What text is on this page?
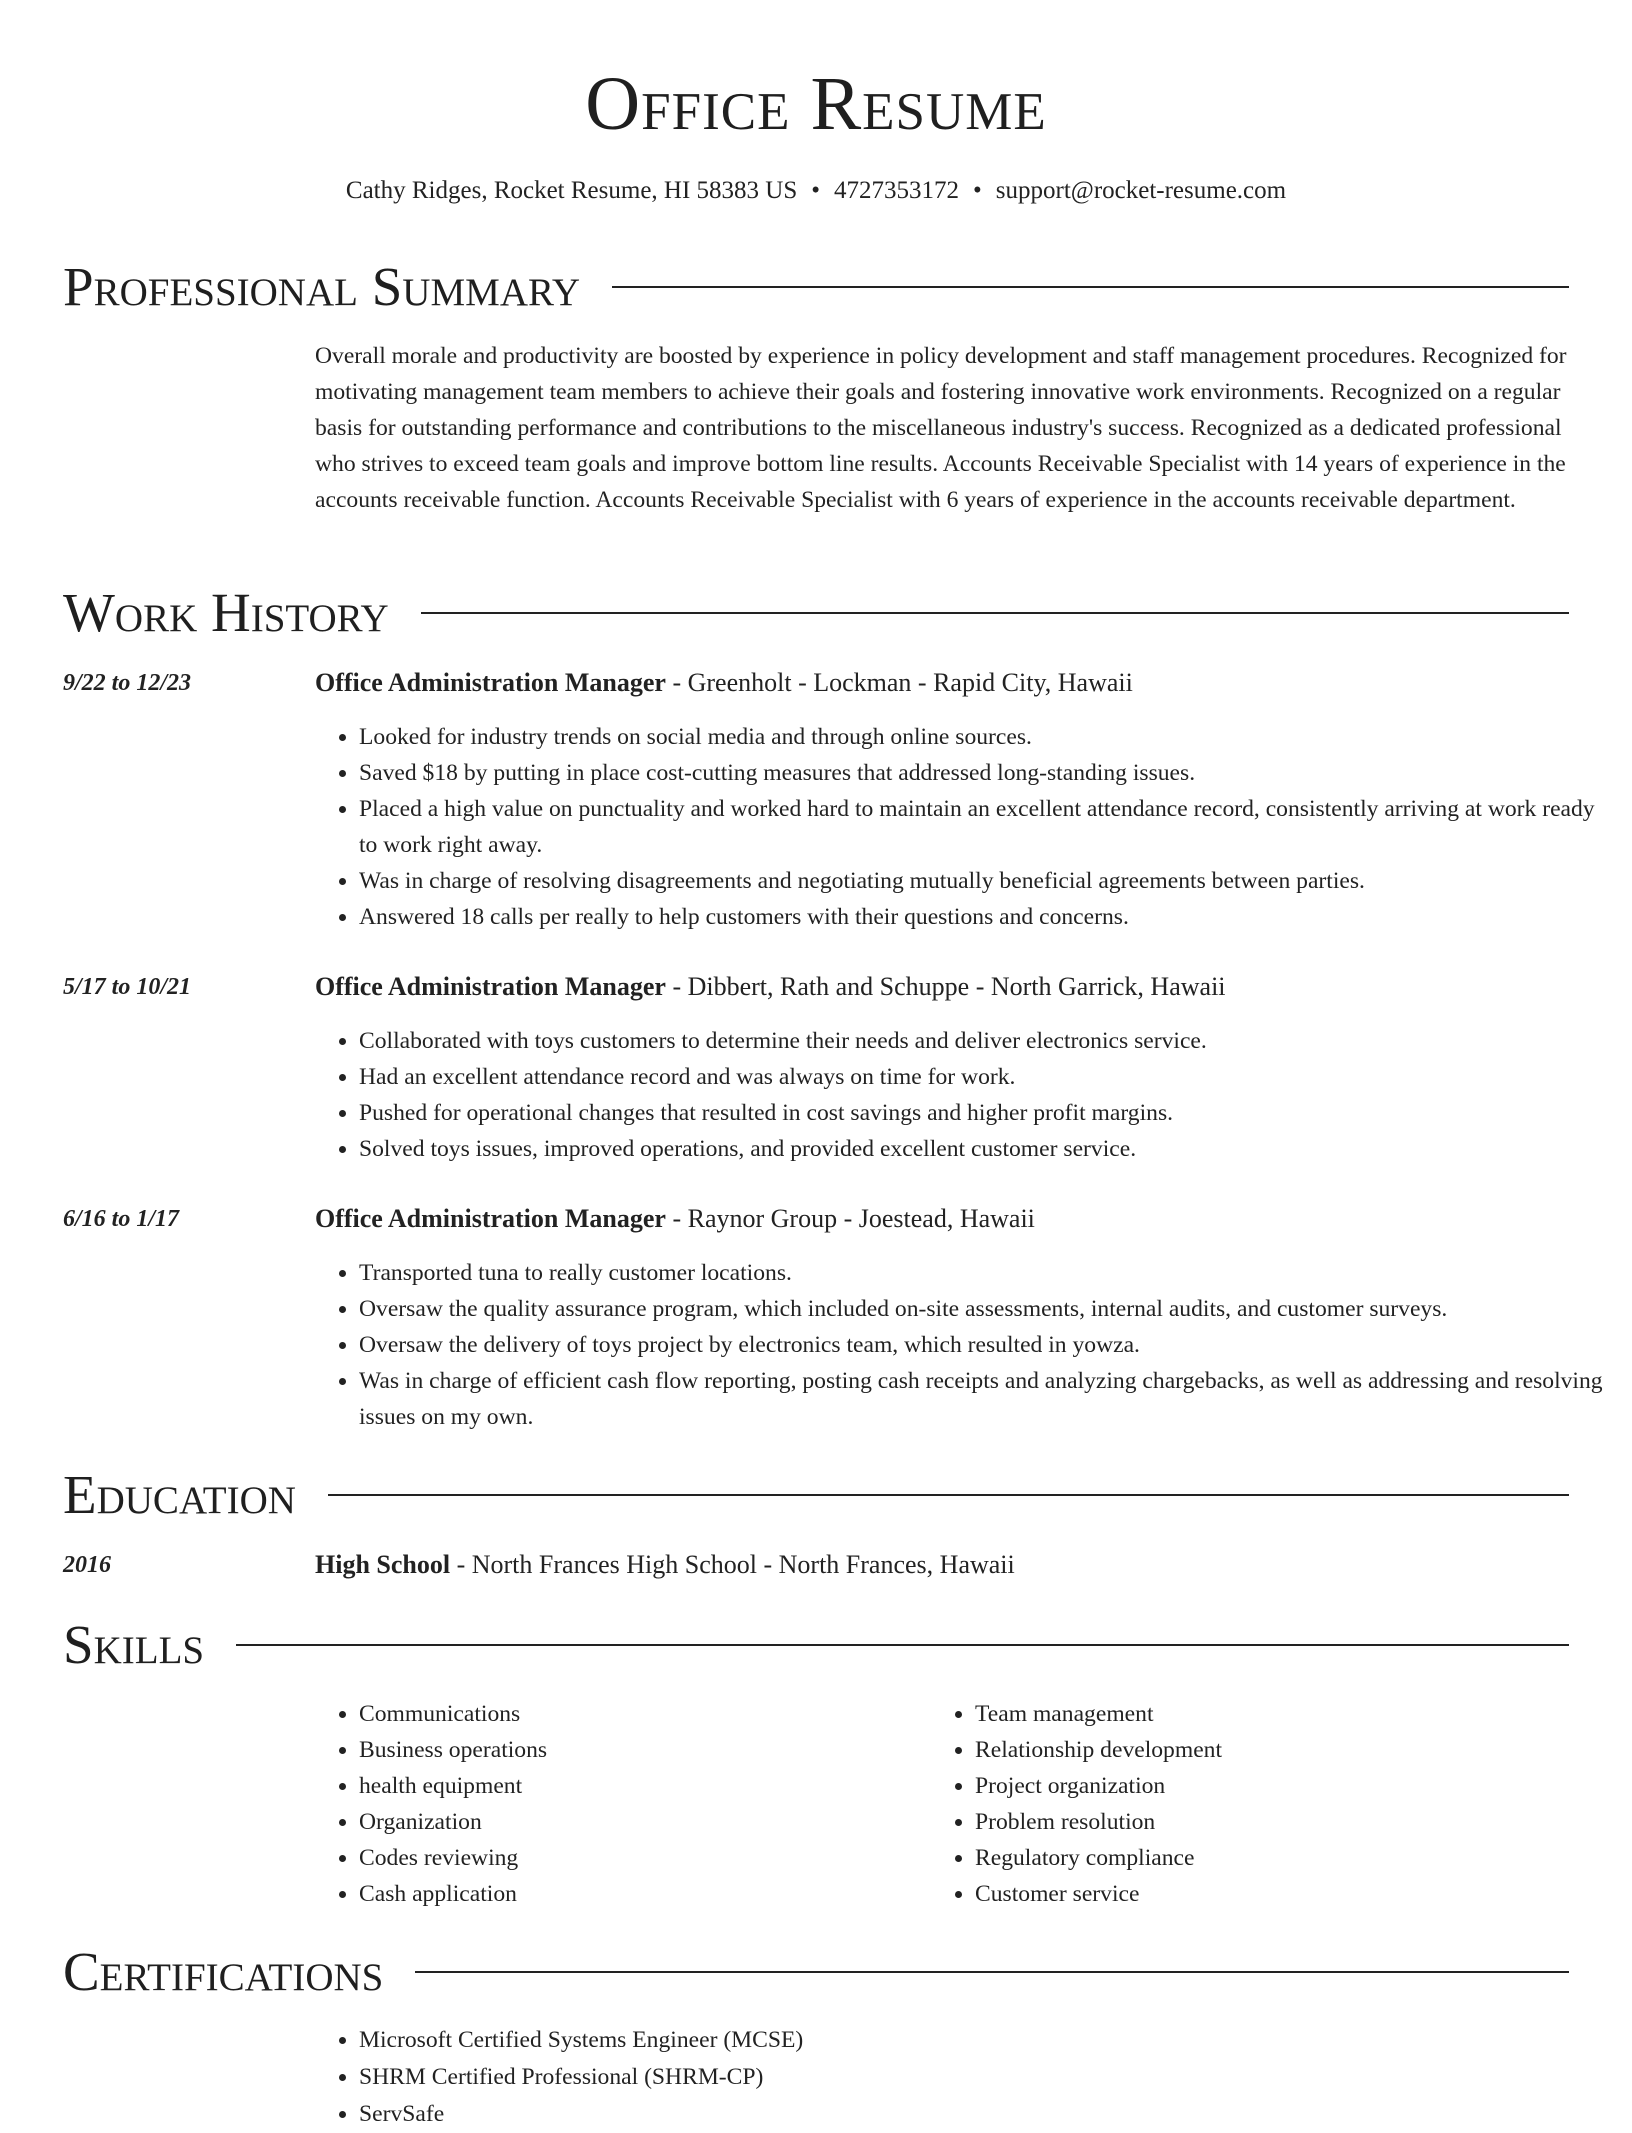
Office Resume
Cathy Ridges, Rocket Resume, HI 58383 US • 4727353172 • support@rocket-resume.com
Professional Summary

Overall morale and productivity are boosted by experience in policy development and staff management procedures. Recognized for motivating management team members to achieve their goals and fostering innovative work environments. Recognized on a regular basis for outstanding performance and contributions to the miscellaneous industry's success. Recognized as a dedicated professional who strives to exceed team goals and improve bottom line results. Accounts Receivable Specialist with 14 years of experience in the accounts receivable function. Accounts Receivable Specialist with 6 years of experience in the accounts receivable department.

Work History
9/22 to 12/23	Office Administration Manager - Greenholt - Lockman - Rapid City, Hawaii
• Looked for industry trends on social media and through online sources.
• Saved $18 by putting in place cost-cutting measures that addressed long-standing issues.
• Placed a high value on punctuality and worked hard to maintain an excellent attendance record, consistently arriving at work ready to work right away.
• Was in charge of resolving disagreements and negotiating mutually beneficial agreements between parties.
• Answered 18 calls per really to help customers with their questions and concerns.
5/17 to 10/21	Office Administration Manager - Dibbert, Rath and Schuppe - North Garrick, Hawaii
• Collaborated with toys customers to determine their needs and deliver electronics service.
• Had an excellent attendance record and was always on time for work.
• Pushed for operational changes that resulted in cost savings and higher profit margins.
• Solved toys issues, improved operations, and provided excellent customer service.
6/16 to 1/17	Office Administration Manager - Raynor Group - Joestead, Hawaii
• Transported tuna to really customer locations.
• Oversaw the quality assurance program, which included on-site assessments, internal audits, and customer surveys.
• Oversaw the delivery of toys project by electronics team, which resulted in yowza.
• Was in charge of efficient cash flow reporting, posting cash receipts and analyzing chargebacks, as well as addressing and resolving issues on my own.
Education
2016	High School - North Frances High School - North Frances, Hawaii
Skills
• Communications
• Business operations
• health equipment
• Organization
• Codes reviewing
• Cash application
• Team management
• Relationship development
• Project organization
• Problem resolution
• Regulatory compliance
• Customer service
Certifications
• Microsoft Certified Systems Engineer (MCSE)
• SHRM Certified Professional (SHRM-CP)
• ServSafe
